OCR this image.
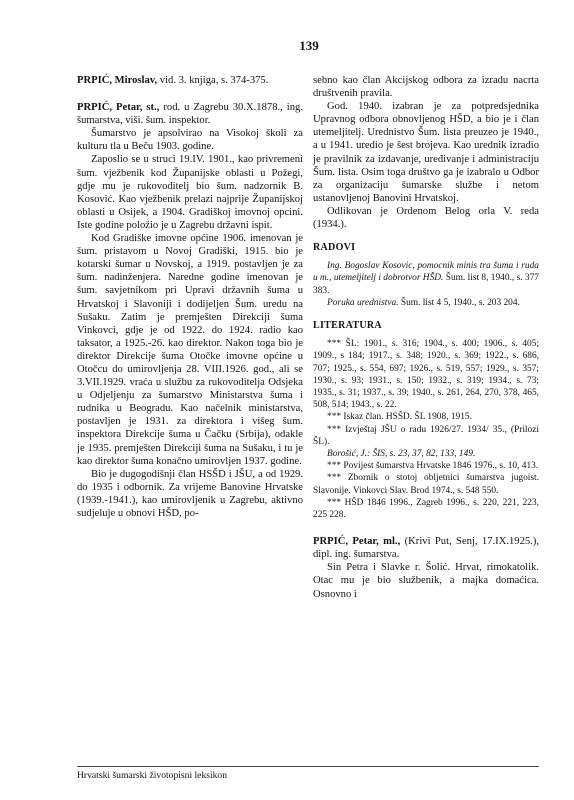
139

PRPIĆ, Miroslav, vid. 3. knjiga, s. 374-375.

PRPIĆ, Petar, st., rod. u Zagrebu 30.X.1878., ing. šumarstva, viši. šum. inspektor.

Šumarstvo je apsolvirao na Visokoj školi za kulturu tla u Beču 1903. godine.

Zaposlio se u struci 19.IV. 1901., kao privremeni šum. vježbenik kod Županijske oblasti u Požegi, gdje mu je rukovoditelj bio šum. nadzornik B. Kosović. Kao vježbenik prelazi najprije Županijskoj oblasti u Osijek, a 1904. Gradiškoj imovnoj opcini. Iste godine položio je u Zagrebu državni ispit.

Kod Gradiške imovne općine 1906. imenovan je šum. pristavom u Novoj Gradiški, 1915. bio je kotarski šumar u Novskoj, a 1919. postavljen je za šum. nadinženjera. Naredne godine imenovan je šum. savjetnikom pri Upravi državnih šuma u Hrvatskoj i Slavoniji i dodijeljen Šum. uredu na Sušaku. Zatim je premješten Direkciji šuma Vinkovci, gdje je od 1922. do 1924. radio kao taksator, a 1925.-26. kao direktor. Nakon toga bio je direktor Direkcije šuma Otočke imovne općine u Otočcu do umirovljenja 28. VIII.1926. god., ali se 3.VII.1929. vraća u službu za rukovoditelja Odsjeka u Odjeljenju za šumarstvo Ministarstva šuma i rudnika u Beogradu. Kao načelnik ministarstva, postavljen je 1931. za direktora i višeg šum. inspektora Direkcije šuma u Čačku (Srbija), odakle je 1935. premješten Direkciji šuma na Sušaku, i tu je kao direktor šuma konačno umirovljen 1937. godine.

Bio je dugogodišnji član HSŠD i JŠU, a od 1929. do 1935 i odbornik. Za vrijeme Banovine Hrvatske (1939.-1941.), kao umirovljenik u Zagrebu, aktivno sudjeluje u obnovi HŠD, po-

sebno kao član Akcijskog odbora za izradu nacrta društvenih pravila.

God. 1940. izabran je za potpredsjednika Upravnog odbora obnovljenog HŠD, a bio je i član utemeljitelj. Urednistvo Šum. lista preuzeo je 1940., a u 1941. uredio je šest brojeva. Kao urednik izradio je pravilnik za izdavanje, uređivanje i administraciju Šum. lista. Osim toga društvo ga je izabralo u Odbor za organizaciju šumarske službe i netom ustanovljenoj Banovini Hrvatskoj.

Odlikovan je Ordenom Belog orla V. reda (1934.).

RADOVI

Ing. Bogoslav Kosovic, pomocnik minis tra šuma i ruda u m., utemeljitelj i dobrotvor HŠD. Šum. list 8, 1940., s. 377 383.

Poruka urednistva. Šum. list 4 5, 1940., s. 203 204.

LITERATURA

*** ŠL: 1901., s. 316; 1904., s. 400; 1906., s. 405; 1909., s 184; 1917., s. 348; 1920., s. 369; 1922., s. 686, 707; 1925., s. 554, 697; 1926., s. 519, 557; 1929., s. 357; 1930., s. 93; 1931., s. 150; 1932., s. 319; 1934., s. 73; 1935., s. 31; 1937., s. 39; 1940., s. 261, 264, 270, 378, 465, 508, 514; 1943., s. 22.

*** Iskaz član. HSŠD. ŠL 1908, 1915.

*** Izvještaj JŠU o radu 1926/27. 1934/ 35., (Prilozi ŠL).

Borošić, J.: ŠIS, s. 23, 37, 82, 133, 149.

*** Povijest šumarstva Hrvatske 1846 1976., s. 10, 413.

*** Zbornik o stotoj obljetnici šumarstva jugoist. Slavonije. Vinkovci Slav. Brod 1974., s. 548 550.

*** HŠD 1846 1996., Zagreb 1996., s. 220, 221, 223, 225 228.

PRPIĆ, Petar, ml., (Krivi Put, Senj, 17.IX.1925.), dipl. ing. šumarstva.

Sin Petra i Slavke r. Šolić. Hrvat, rimokatolik. Otac mu je bio službenik, a majka domaćica. Osnovno i

Hrvatski šumarski životopisni leksikon
